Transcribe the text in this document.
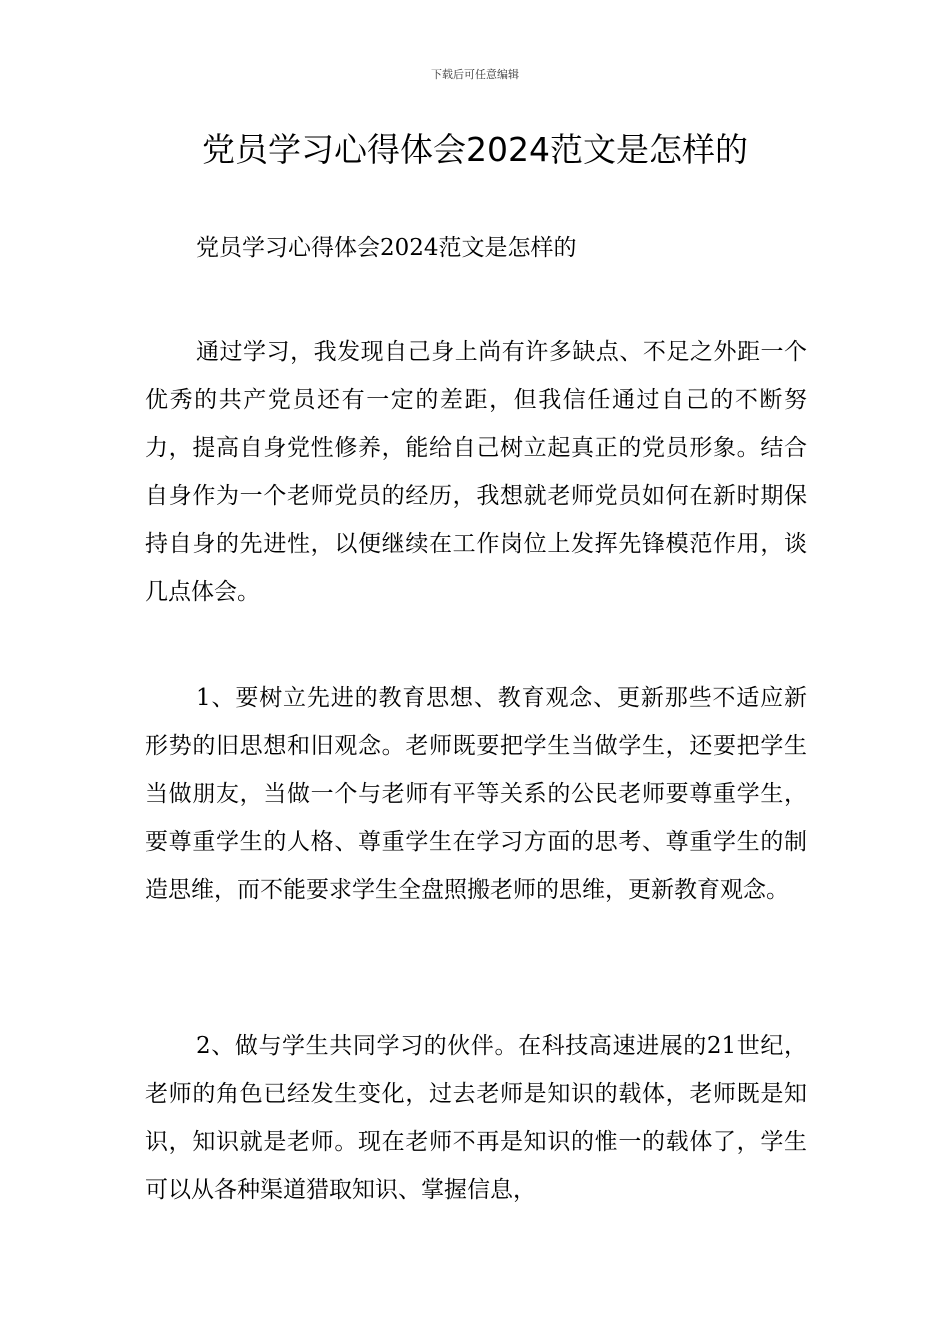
下载后可任意编辑
党员学习心得体会2024范文是怎样的
党员学习心得体会2024范文是怎样的

通过学习，我发现自己身上尚有许多缺点、不足之外距一个优秀的共产党员还有一定的差距，但我信任通过自己的不断努力，提高自身党性修养，能给自己树立起真正的党员形象。结合自身作为一个老师党员的经历，我想就老师党员如何在新时期保持自身的先进性，以便继续在工作岗位上发挥先锋模范作用，谈几点体会。

1、要树立先进的教育思想、教育观念、更新那些不适应新形势的旧思想和旧观念。老师既要把学生当做学生，还要把学生当做朋友，当做一个与老师有平等关系的公民老师要尊重学生，要尊重学生的人格、尊重学生在学习方面的思考、尊重学生的制造思维，而不能要求学生全盘照搬老师的思维，更新教育观念。

2、做与学生共同学习的伙伴。在科技高速进展的21世纪，老师的角色已经发生变化，过去老师是知识的载体，老师既是知识，知识就是老师。现在老师不再是知识的惟一的载体了，学生可以从各种渠道猎取知识、掌握信息，
